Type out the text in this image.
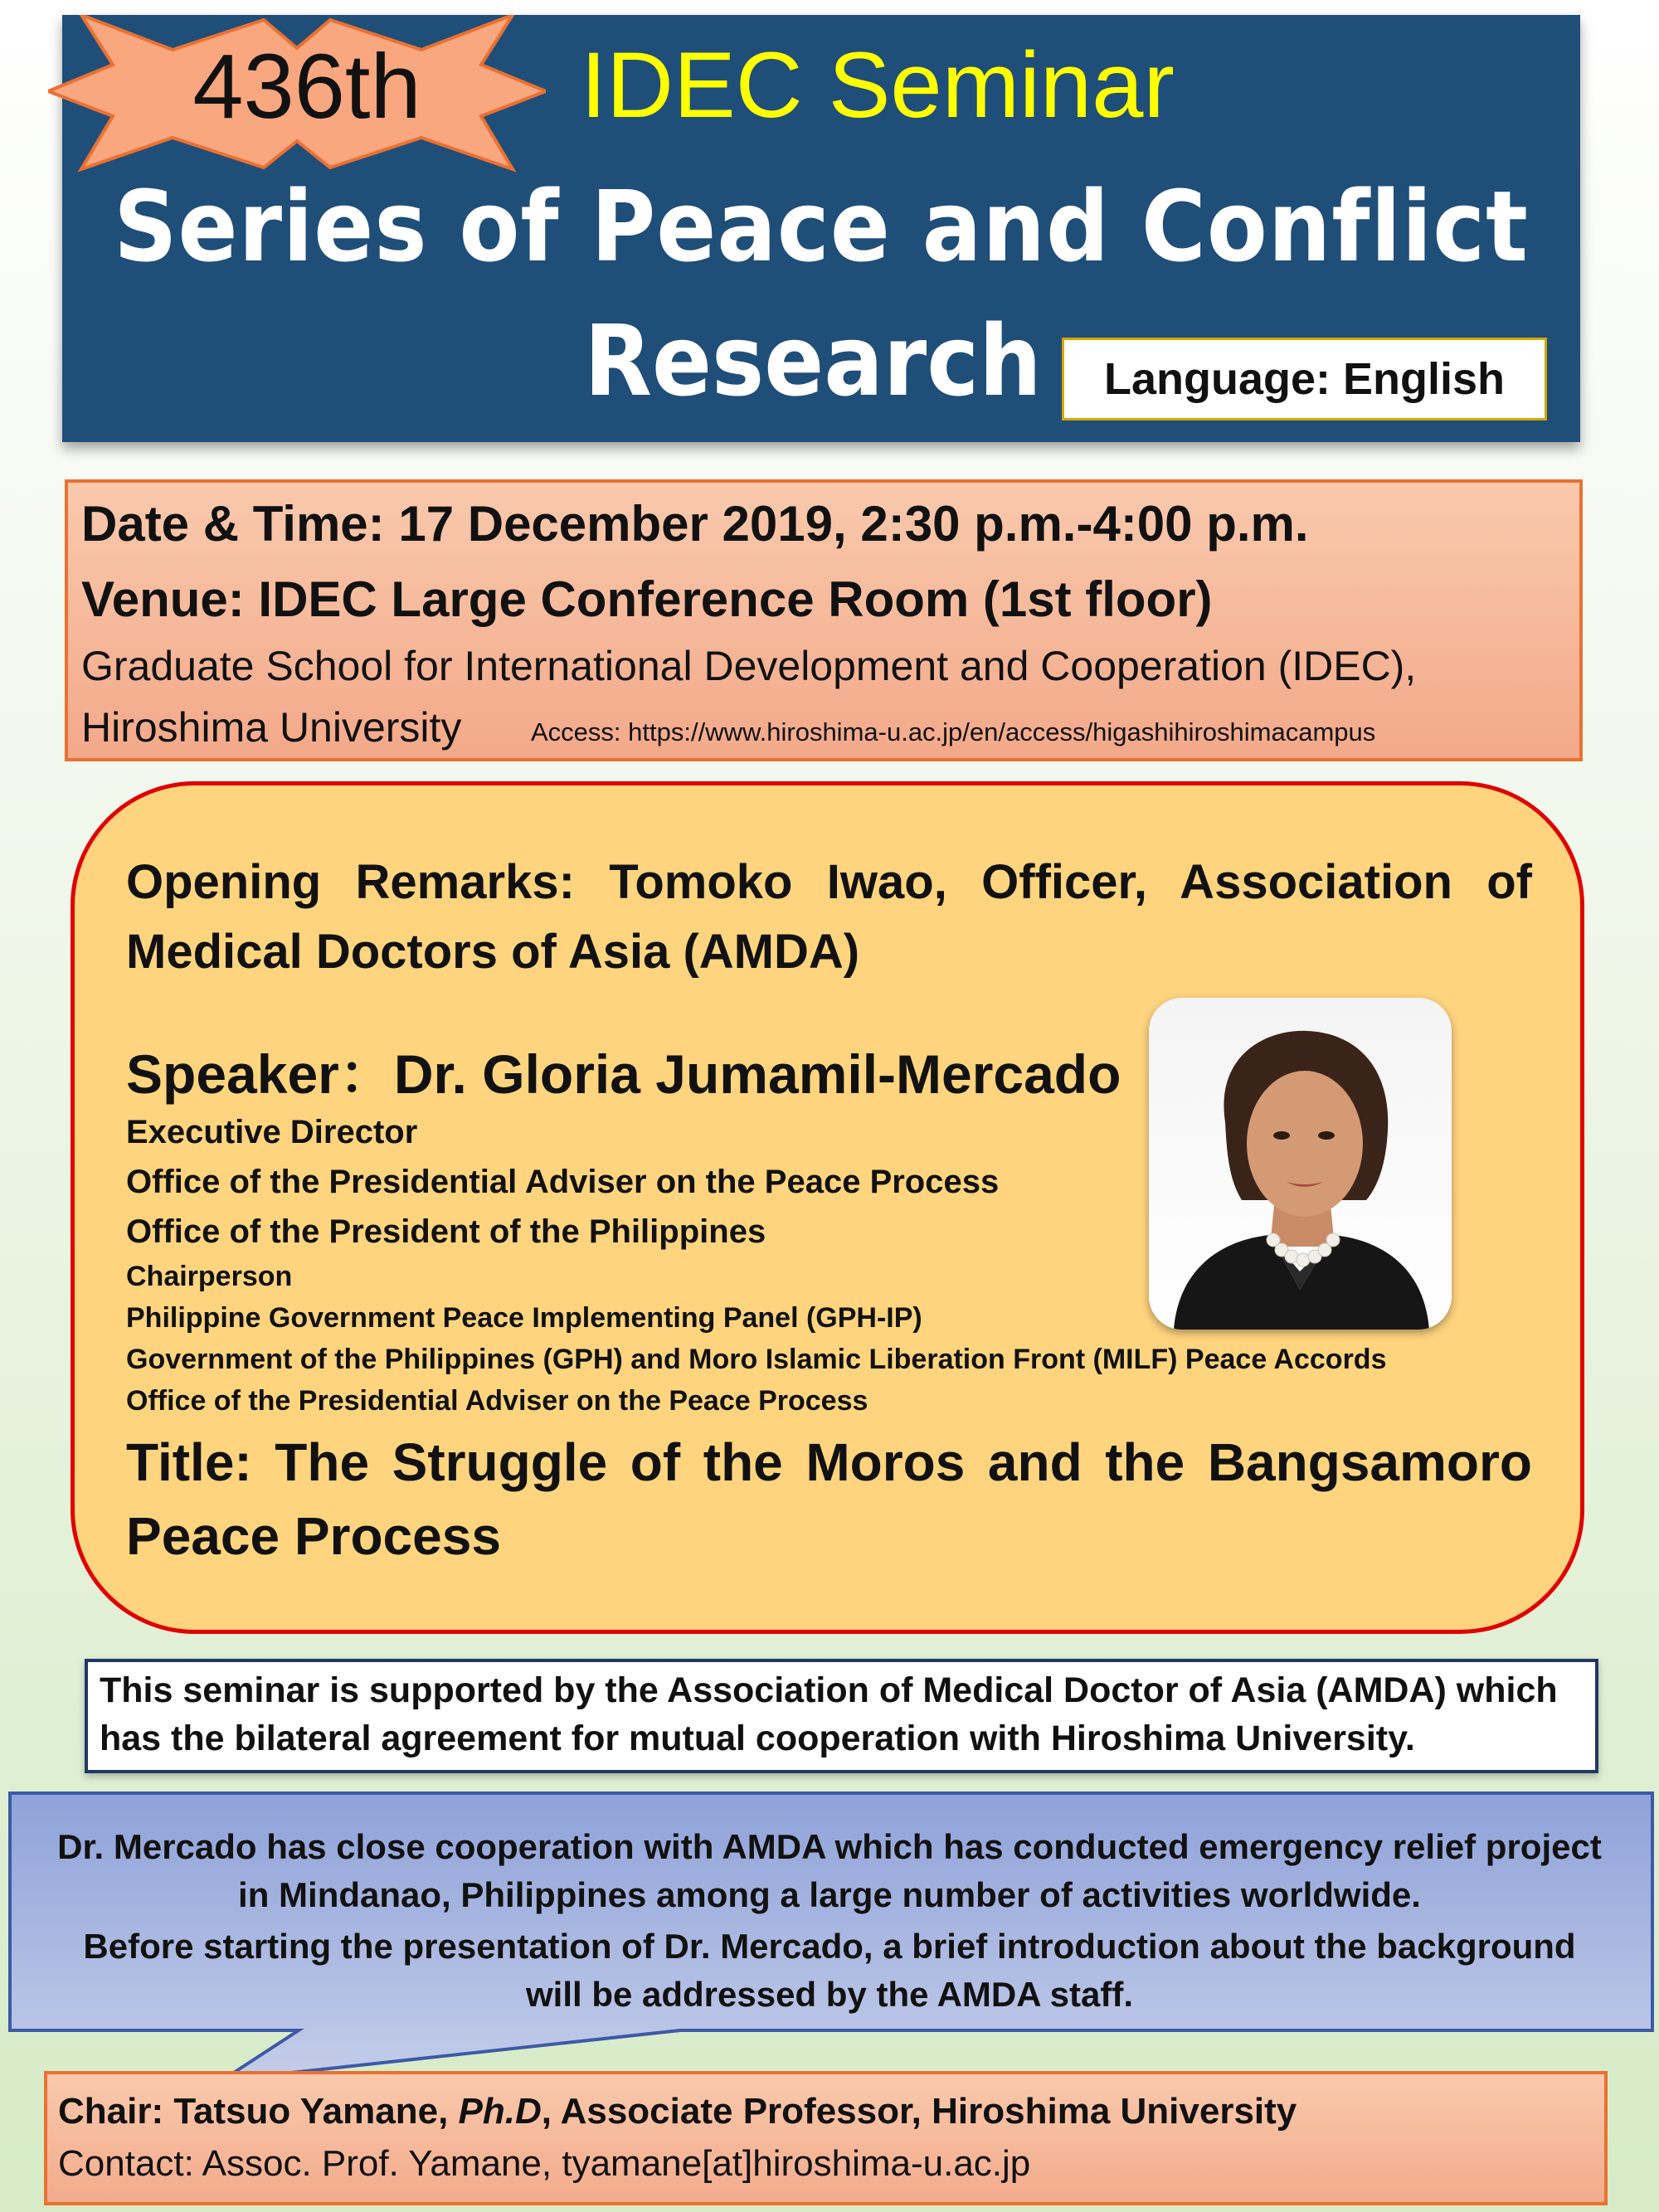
436th	IDEC Seminar
Series of Peace and Conflict
Research	Language: English
Date & Time: 17 December 2019, 2:30 p.m.-4:00 p.m.
Venue: IDEC Large Conference Room (1st floor)
Graduate School for International Development and Cooperation (IDEC),
Hiroshima University	Access: https://www.hiroshima-u.ac.jp/en/access/higashihiroshimacampus
Opening Remarks: Tomoko Iwao, Officer, Association of
Medical Doctors of Asia (AMDA)
Speaker：Dr. Gloria Jumamil-Mercado
Executive Director
Office of the Presidential Adviser on the Peace Process
Office of the President of the Philippines
Chairperson
Philippine Government Peace Implementing Panel (GPH-IP)
Government of the Philippines (GPH) and Moro Islamic Liberation Front (MILF) Peace Accords
Office of the Presidential Adviser on the Peace Process
Title: The Struggle of the Moros and the Bangsamoro
Peace Process
This seminar is supported by the Association of Medical Doctor of Asia (AMDA) which
has the bilateral agreement for mutual cooperation with Hiroshima University.
Dr. Mercado has close cooperation with AMDA which has conducted emergency relief project
in Mindanao, Philippines among a large number of activities worldwide.
Before starting the presentation of Dr. Mercado, a brief introduction about the background
will be addressed by the AMDA staff.
Chair: Tatsuo Yamane, Ph.D, Associate Professor, Hiroshima University
Contact: Assoc. Prof. Yamane, tyamane[at]hiroshima-u.ac.jp
